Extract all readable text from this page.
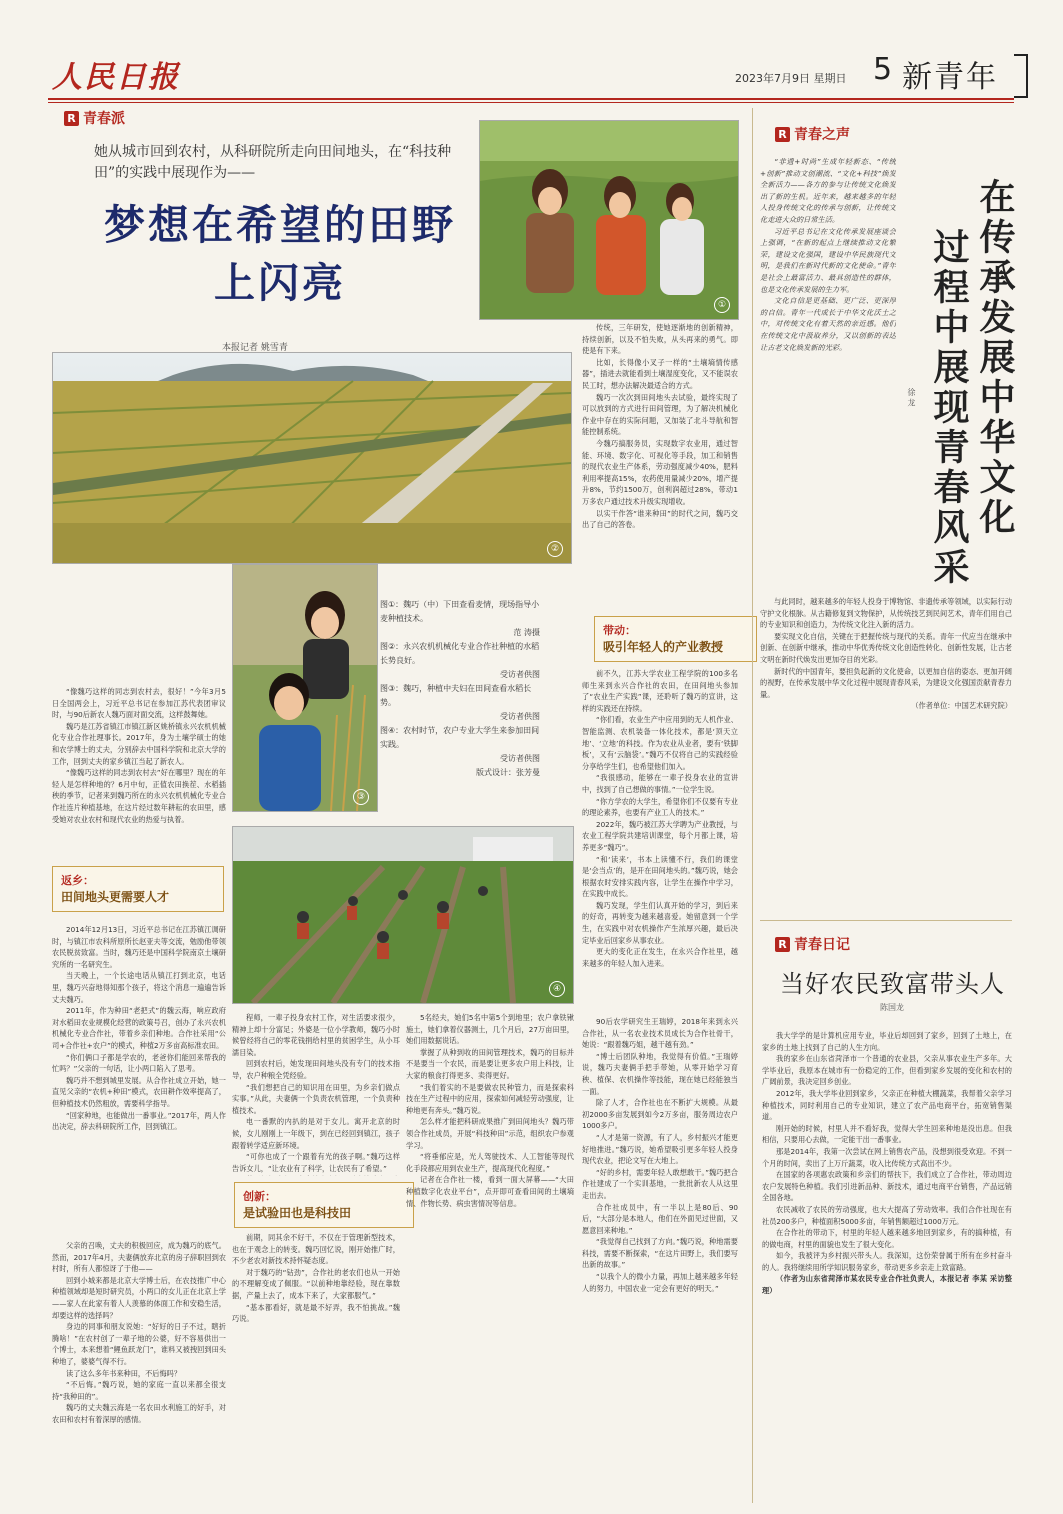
人民日报	2023年7月9日 星期日 5 新青年
R 青春派
她从城市回到农村，从科研院所走向田间地头，在“科技种田”的实践中展现作为——
梦想在希望的田野上闪亮
本报记者 姚雪青
①
②
③
图①：魏巧（中）下田查看麦情，现场指导小麦种植技术。
范 涛摄
图②：永兴农机机械化专业合作社种植的水稻长势良好。
受访者供图
图③：魏巧，种植中夫妇在田间查看水稻长势。
受访者供图
图④：农村时节，农户专业大学生来参加田间实践。
受访者供图
版式设计：张芳曼
④
返乡：
田间地头更需要人才
带动：
吸引年轻人的产业教授
创新：
是试验田也是科技田

“像魏巧这样的同志到农村去，很好！”今年3月5日全国两会上，习近平总书记在参加江苏代表团审议时，与90后新农人魏巧面对面交流，这样鼓舞她。

魏巧是江苏省镇江市镇江新区姚桥镇永兴农机机械化专业合作社理事长。2017年，身为土壤学硕士的她和农学博士的丈夫，分别辞去中国科学院和北京大学的工作，回到丈夫的家乡镇江当起了新农人。

“像魏巧这样的同志到农村去”好在哪里？现在的年轻人是怎样种地的？6月中旬，正值农田换茬、水稻插秧的季节，记者来到魏巧所在的永兴农机机械化专业合作社连片种植基地，在这片经过数年耕耘的农田里，感受她对农业农村和现代农业的热爱与执着。

2014年12月13日，习近平总书记在江苏镇江调研时，与镇江市农科所原所长赵亚夫等交流，勉励他带领农民脱贫致富。当时，魏巧还是中国科学院南京土壤研究所的一名研究生。

当天晚上，一个长途电话从镇江打到北京，电话里，魏巧兴奋地得知那个孩子，将这个消息一遍遍告诉丈夫魏巧。

2011年，作为种田“老把式”的魏云海，响应政府对水稻田农业规模化经营的政策号召，创办了永兴农机机械化专业合作社，带着乡亲们种地。合作社采用“公司+合作社+农户”的模式，种植2万多亩高标准农田。

“你们俩口子都是学农的，老爸你们能回来帮我的忙吗？”父亲的一句话，让小两口陷入了思考。

魏巧并不想到城里发展。从合作社成立开始，她一直见父亲的“农机+种田”模式，农田耕作效率提高了，但种植技术仍然粗放，需要科学指导。

“回家种地，也能做出一番事业。”2017年，两人作出决定，辞去科研院所工作，回到镇江。

父亲的召唤，丈夫的积极回应，成为魏巧的底气。然而，2017年4月，夫妻俩放弃北京的房子辞职回到农村时，所有人都惊讶了于他——

回到小城来都是北京大学博士后，在农技推广中心种植领域却是短时研究员，小两口的女儿正在北京上学——家人在此家有着人人羡慕的体面工作和安稳生活，却要这样的选择吗？

身边的同事和朋友说她：“好好的日子不过，瞎折腾啥！”在农村创了一辈子地的公婆，好不容易供出一个博士，本来想着“鲤鱼跃龙门”，谁料又被拽回到田头种地了，婆婆气得不行。

读了这么多年书来种田，不后悔吗？

“不后悔。”魏巧说，她的家庭一直以来都全很支持“我种田的”。

魏巧的丈夫魏云海是一名农田水利施工的好手，对农田和农村有着深厚的感情。

程师，一辈子投身农村工作，对生活要求很少，精神上却十分富足；外婆是一位小学教师，魏巧小时候曾经将自己的零花钱捐给村里的贫困学生，从小耳濡目染。

回到农村后，她发现田间地头没有专门的技术指导，农户种粮全凭经验。

“我们想把自己的知识用在田里，为乡亲们做点实事。”从此，夫妻俩一个负责农机管理，一个负责种植技术。

电一番默的内扒的是对于女儿。寓开北京的时候，女儿刚刚上一年级下，到在已经回到镇江，孩子跟着转学适应新环境。

“可你也成了一个跟着有光的孩子啊。”魏巧这样告诉女儿，“让农业有了科学，让农民有了希望。”

前期，同其余不好干，不仅在于管理新型技术，也在于观念上的转变。魏巧回忆说，刚开始推广时，不少老农对新技术持怀疑态度。

对于魏巧的“钻劲”，合作社的老农们也从一开始的不理解变成了佩服。“以前种地靠经验，现在靠数据，产量上去了，成本下来了，大家都服气。”

“基本都看好，就是最不好弄，我不怕挑战。”魏巧说。

5名经夫，她们5名中第5个到地里；农户拿铁锹施土，她们拿着仪器测土，几个月后，27万亩田里，她们用数据说话。

掌握了从种到收的田间管理技术，魏巧的目标并不是要当一个农民，而是要让更多农户用上科技，让大家的粮食打得更多、卖得更好。

“我们着实的不是要做农民种管力，而是探索科技在生产过程中的应用，探索如何减轻劳动强度，让种地更有奔头。”魏巧说。

怎么样才能把科研成果推广到田间地头？魏巧带领合作社成员，开展“科技种田”示范，组织农户参观学习。

“将垂郁应是，光人驾驶技术、人工智能等现代化手段都应用到农业生产，提高现代化程度。”

记者在合作社一楼，看到一面大屏幕——“大田种植数字化农业平台”，点开即可查看田间的土壤墒情、作物长势、病虫害情况等信息。

传统，三年研发，使她逐渐地的创新精神，持续创新，以及不怕失败，从头再来的勇气。即使是有下来。

比如，长得像小叉子一样的“土壤墒情传感器”，插进去就能看到土壤湿度变化，又不能误农民工时，想办法解决最适合的方式。

魏巧一次次到田间地头去试验，最终实现了可以放到的方式进行田间管理，为了解决机械化作业中存在的实际问题，又加装了北斗导航和智能控制系统。

今魏巧搞服务员，实现数字农业用，通过智能、环境、数字化、可视化等手段，加工和销售的现代农业生产体系，劳动强度减少40%，肥料利用率提高15%，农药使用量减少20%，增产提升8%，节约1500万，创利润超过28%，带动1万多农户通过技术升级实现增收。

以实干作答“谁来种田”的时代之问，魏巧交出了自己的答卷。

前不久，江苏大学农业工程学院的100多名师生来到永兴合作社的农田，在田间地头参加了“农业生产实践”课，还聆听了魏巧的宣讲，这样的实践还在持续。

“你们看，农业生产中应用到的无人机作业、智能监测、农机装备一体化技术，都是‘顶天立地’、‘立地’的科技。作为农业从业者，要有‘铁脚板’，又有‘云脑袋’。”魏巧不仅将自己的实践经验分享给学生们，也希望他们加入。

“我很感动，能够在一辈子投身农业的宣讲中，找到了自己想做的事情。”一位学生说。

“你方学农的大学生，希望你们不仅要有专业的理论素养，也要有产业工人的技术。”

2022年，魏巧被江苏大学聘为产业教授，与农业工程学院共建培训课堂，每个月都上课，培养更多“魏巧”。

“和‘读来’，书本上读懂不行，我们的课堂是‘会当点’的，是开在田间地头的。”魏巧说，她会根据农时安排实践内容，让学生在操作中学习，在实践中成长。

魏巧发现，学生们认真开始的学习，到后来的好奇，再转变为越来越喜爱。她留意到一个学生，在实践中对农机操作产生浓厚兴趣，最后决定毕业后回家乡从事农业。

更大的变化正在发生，在永兴合作社里，越来越多的年轻人加入进来。

90后农学研究生王瑞婷，2018年来到永兴合作社，从一名农业技术员成长为合作社骨干，她说：“跟着魏巧姐，越干越有劲。”

“博士后团队种地，我觉得有价值。”王瑞婷说，魏巧夫妻俩手把手带她，从零开始学习育秧、植保、农机操作等技能，现在她已经能独当一面。

除了人才，合作社也在不断扩大规模。从最初2000多亩发展到如今2万多亩，服务周边农户1000多户。

“人才是第一资源，有了人，乡村振兴才能更好地推进。”魏巧说，她希望吸引更多年轻人投身现代农业，把论文写在大地上。

“好的乡村，需要年轻人敢想敢干。”魏巧把合作社建成了一个实训基地，一批批新农人从这里走出去。

合作社成员中，有一半以上是80后、90后，“大部分是本地人，他们在外面见过世面，又愿意回来种地。”

“我觉得自己找到了方向。”魏巧说，种地需要科技，需要不断探索，“在这片田野上，我们要写出新的故事。”

“以我个人的微小力量，再加上越来越多年轻人的努力，中国农业一定会有更好的明天。”

R 青春之声
在传承发展中华文化
过程中展现青春风采
徐 龙

“非遗+时尚”生成年轻新态、“传统+创新”推动文创潮流、“文化+科技”焕发全新活力——各方的参与让传统文化焕发出了新的生机。近年来，越来越多的年轻人投身传统文化的传承与创新，让传统文化走进大众的日常生活。

习近平总书记在文化传承发展座谈会上强调，“在新的起点上继续推动文化繁荣，建设文化强国，建设中华民族现代文明，是我们在新时代新的文化使命。”青年是社会上最富活力、最具创造性的群体，也是文化传承发展的生力军。

文化自信是更基础、更广泛、更深厚的自信。青年一代成长于中华文化沃土之中，对传统文化有着天然的亲近感。他们在传统文化中汲取养分，又以创新的表达让古老文化焕发新的光彩。

与此同时，越来越多的年轻人投身于博物馆、非遗传承等领域，以实际行动守护文化根脉。从古籍修复到文物保护，从传统技艺到民间艺术，青年们用自己的专业知识和创造力，为传统文化注入新的活力。

要实现文化自信，关键在于把握传统与现代的关系。青年一代应当在继承中创新、在创新中继承，推动中华优秀传统文化创造性转化、创新性发展，让古老文明在新时代焕发出更加夺目的光彩。

新时代的中国青年，要担负起新的文化使命，以更加自信的姿态、更加开阔的视野，在传承发展中华文化过程中展现青春风采，为建设文化强国贡献青春力量。

（作者单位：中国艺术研究院）

R 青春日记
当好农民致富带头人
陈国龙

我大学学的是计算机应用专业，毕业后却回到了家乡，回到了土地上，在家乡的土地上找到了自己的人生方向。

我的家乡在山东省菏泽市一个普通的农业县，父亲从事农业生产多年。大学毕业后，我原本在城市有一份稳定的工作，但看到家乡发展的变化和农村的广阔前景，我决定回乡创业。

2012年，我大学毕业回到家乡，父亲正在种植大棚蔬菜，我帮着父亲学习种植技术，同时利用自己的专业知识，建立了农产品电商平台，拓宽销售渠道。

刚开始的时候，村里人并不看好我，觉得大学生回来种地是没出息。但我相信，只要用心去做，一定能干出一番事业。

那是2014年，我第一次尝试在网上销售农产品，没想到很受欢迎。不到一个月的时间，卖出了上万斤蔬菜，收入比传统方式高出不少。

在国家的各项惠农政策和乡亲们的帮扶下，我们成立了合作社，带动周边农户发展特色种植。我们引进新品种、新技术，通过电商平台销售，产品远销全国各地。

农民减收了农民的劳动强度，也大大提高了劳动效率。我们合作社现在有社员200多户，种植面积5000多亩，年销售额超过1000万元。

在合作社的带动下，村里的年轻人越来越多地回到家乡，有的搞种植，有的做电商，村里的面貌也发生了很大变化。

如今，我被评为乡村振兴带头人。我深知，这份荣誉属于所有在乡村奋斗的人。我将继续用所学知识服务家乡，带动更多乡亲走上致富路。

（作者为山东省菏泽市某农民专业合作社负责人，本报记者 李某 采访整理）
